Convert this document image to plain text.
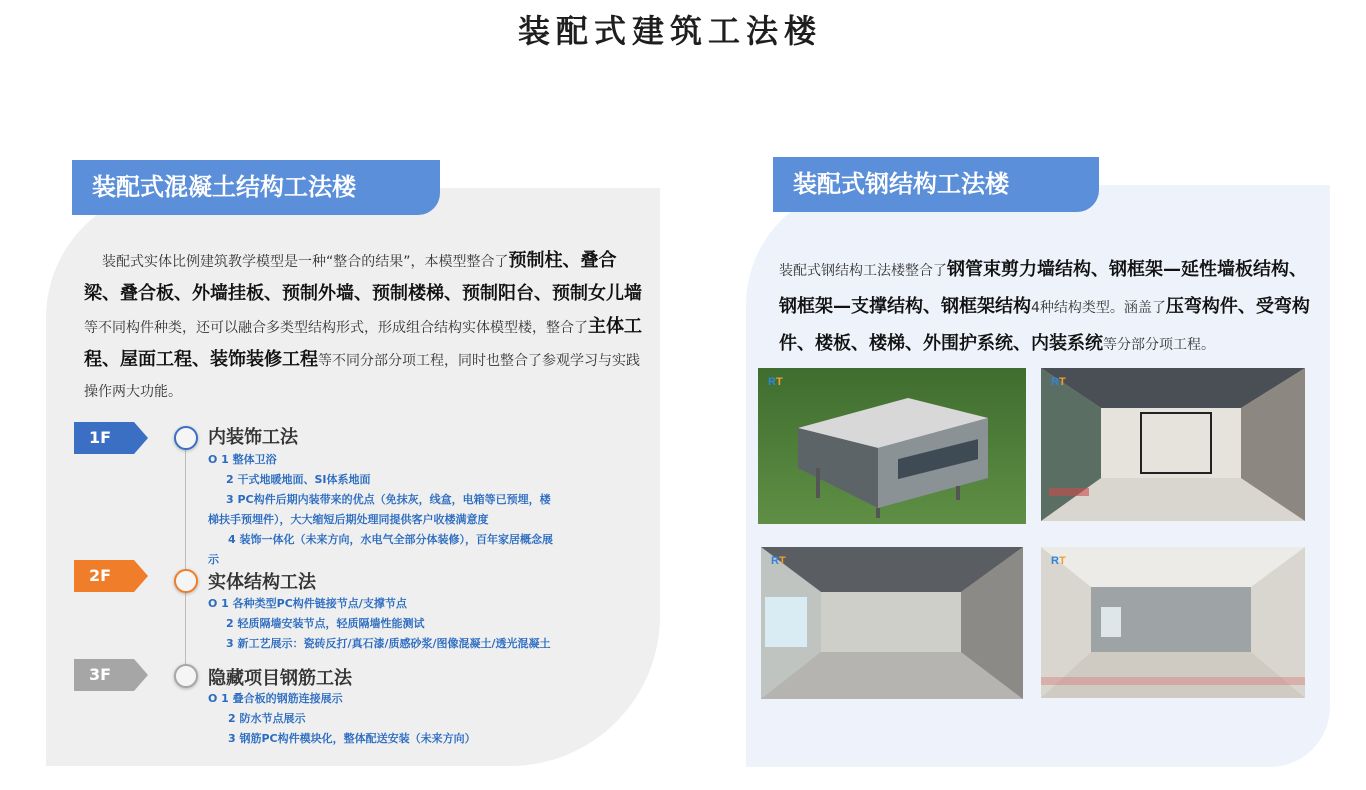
装配式建筑工法楼
装配式混凝土结构工法楼
装配式实体比例建筑教学模型是一种“整合的结果”，本模型整合了预制柱、叠合梁、叠合板、外墙挂板、预制外墙、预制楼梯、预制阳台、预制女儿墙等不同构件种类，还可以融合多类型结构形式，形成组合结构实体模型楼，整合了主体工程、屋面工程、装饰装修工程等不同分部分项工程，同时也整合了参观学习与实践操作两大功能。
1F	内装饰工法
O 1 整体卫浴
2 干式地暖地面、SI体系地面
3 PC构件后期内装带来的优点（免抹灰，线盒，电箱等已预埋，楼梯扶手预埋件），大大缩短后期处理同提供客户收楼满意度
4 装饰一体化（未来方向，水电气全部分体装修），百年家居概念展示
2F	实体结构工法
O 1 各种类型PC构件链接节点/支撑节点
2 轻质隔墙安装节点，轻质隔墙性能测试
3 新工艺展示：瓷砖反打/真石漆/质感砂浆/图像混凝土/透光混凝土
3F	隐藏项目钢筋工法
O 1 叠合板的钢筋连接展示
2 防水节点展示
3 钢筋PC构件模块化，整体配送安装（未来方向）
装配式钢结构工法楼
装配式钢结构工法楼整合了钢管束剪力墙结构、钢框架—延性墙板结构、钢框架—支撑结构、钢框架结构4种结构类型。涵盖了压弯构件、受弯构件、楼板、楼梯、外围护系统、内装系统等分部分项工程。
RT	RT
RT	RT
